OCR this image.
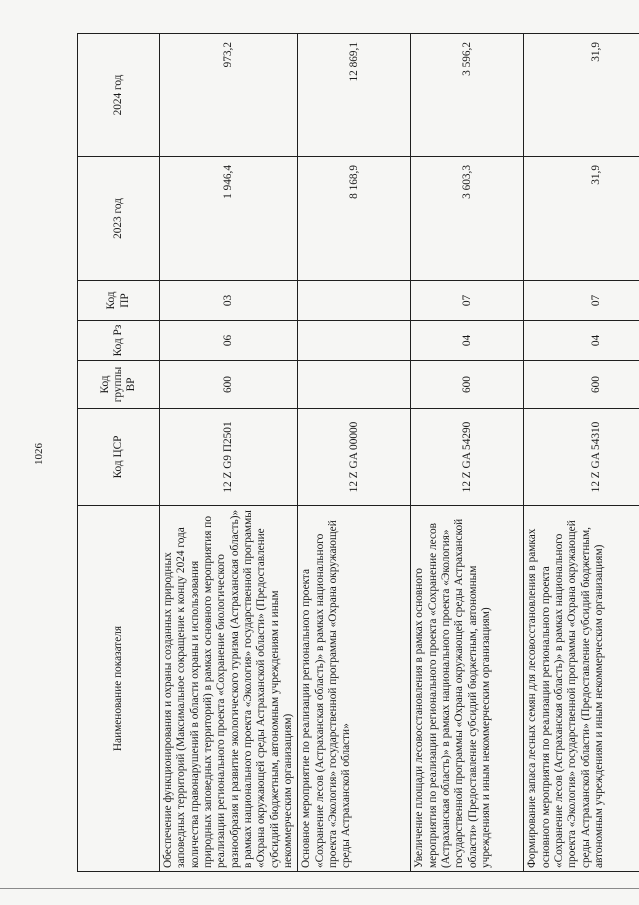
1026
Наименование показателя	Код ЦСР	Код группы ВР	Код Рз	Код ПР	2023 год	2024 год
Обеспечение функционирования и охраны созданных природных заповедных территорий (Максимальное сокращение к концу 2024 года количества правонарушений в области охраны и использования природных заповедных территорий) в рамках основного мероприятия по реализации регионального проекта «Сохранение биологического разнообразия и развитие экологического туризма (Астраханская область)» в рамках национального проекта «Экология» государственной программы «Охрана окружающей среды Астраханской области» (Предоставление субсидий бюджетным, автономным учреждениям и иным некоммерческим организациям)	12 Z G9 П2501	600	06	03	1 946,4	973,2
Основное мероприятие по реализации регионального проекта «Сохранение лесов (Астраханская область)» в рамках национального проекта «Экология» государственной программы «Охрана окружающей среды Астраханской области»	12 Z GA 00000				8 168,9	12 869,1
Увеличение площади лесовосстановления в рамках основного мероприятия по реализации регионального проекта «Сохранение лесов (Астраханская область)» в рамках национального проекта «Экология» государственной программы «Охрана окружающей среды Астраханской области» (Предоставление субсидий бюджетным, автономным учреждениям и иным некоммерческим организациям)	12 Z GA 54290	600	04	07	3 603,3	3 596,2
Формирование запаса лесных семян для лесовосстановления в рамках основного мероприятия по реализации регионального проекта «Сохранение лесов (Астраханская область)» в рамках национального проекта «Экология» государственной программы «Охрана окружающей среды Астраханской области» (Предоставление субсидий бюджетным, автономным учреждениям и иным некоммерческим организациям)	12 Z GA 54310	600	04	07	31,9	31,9
